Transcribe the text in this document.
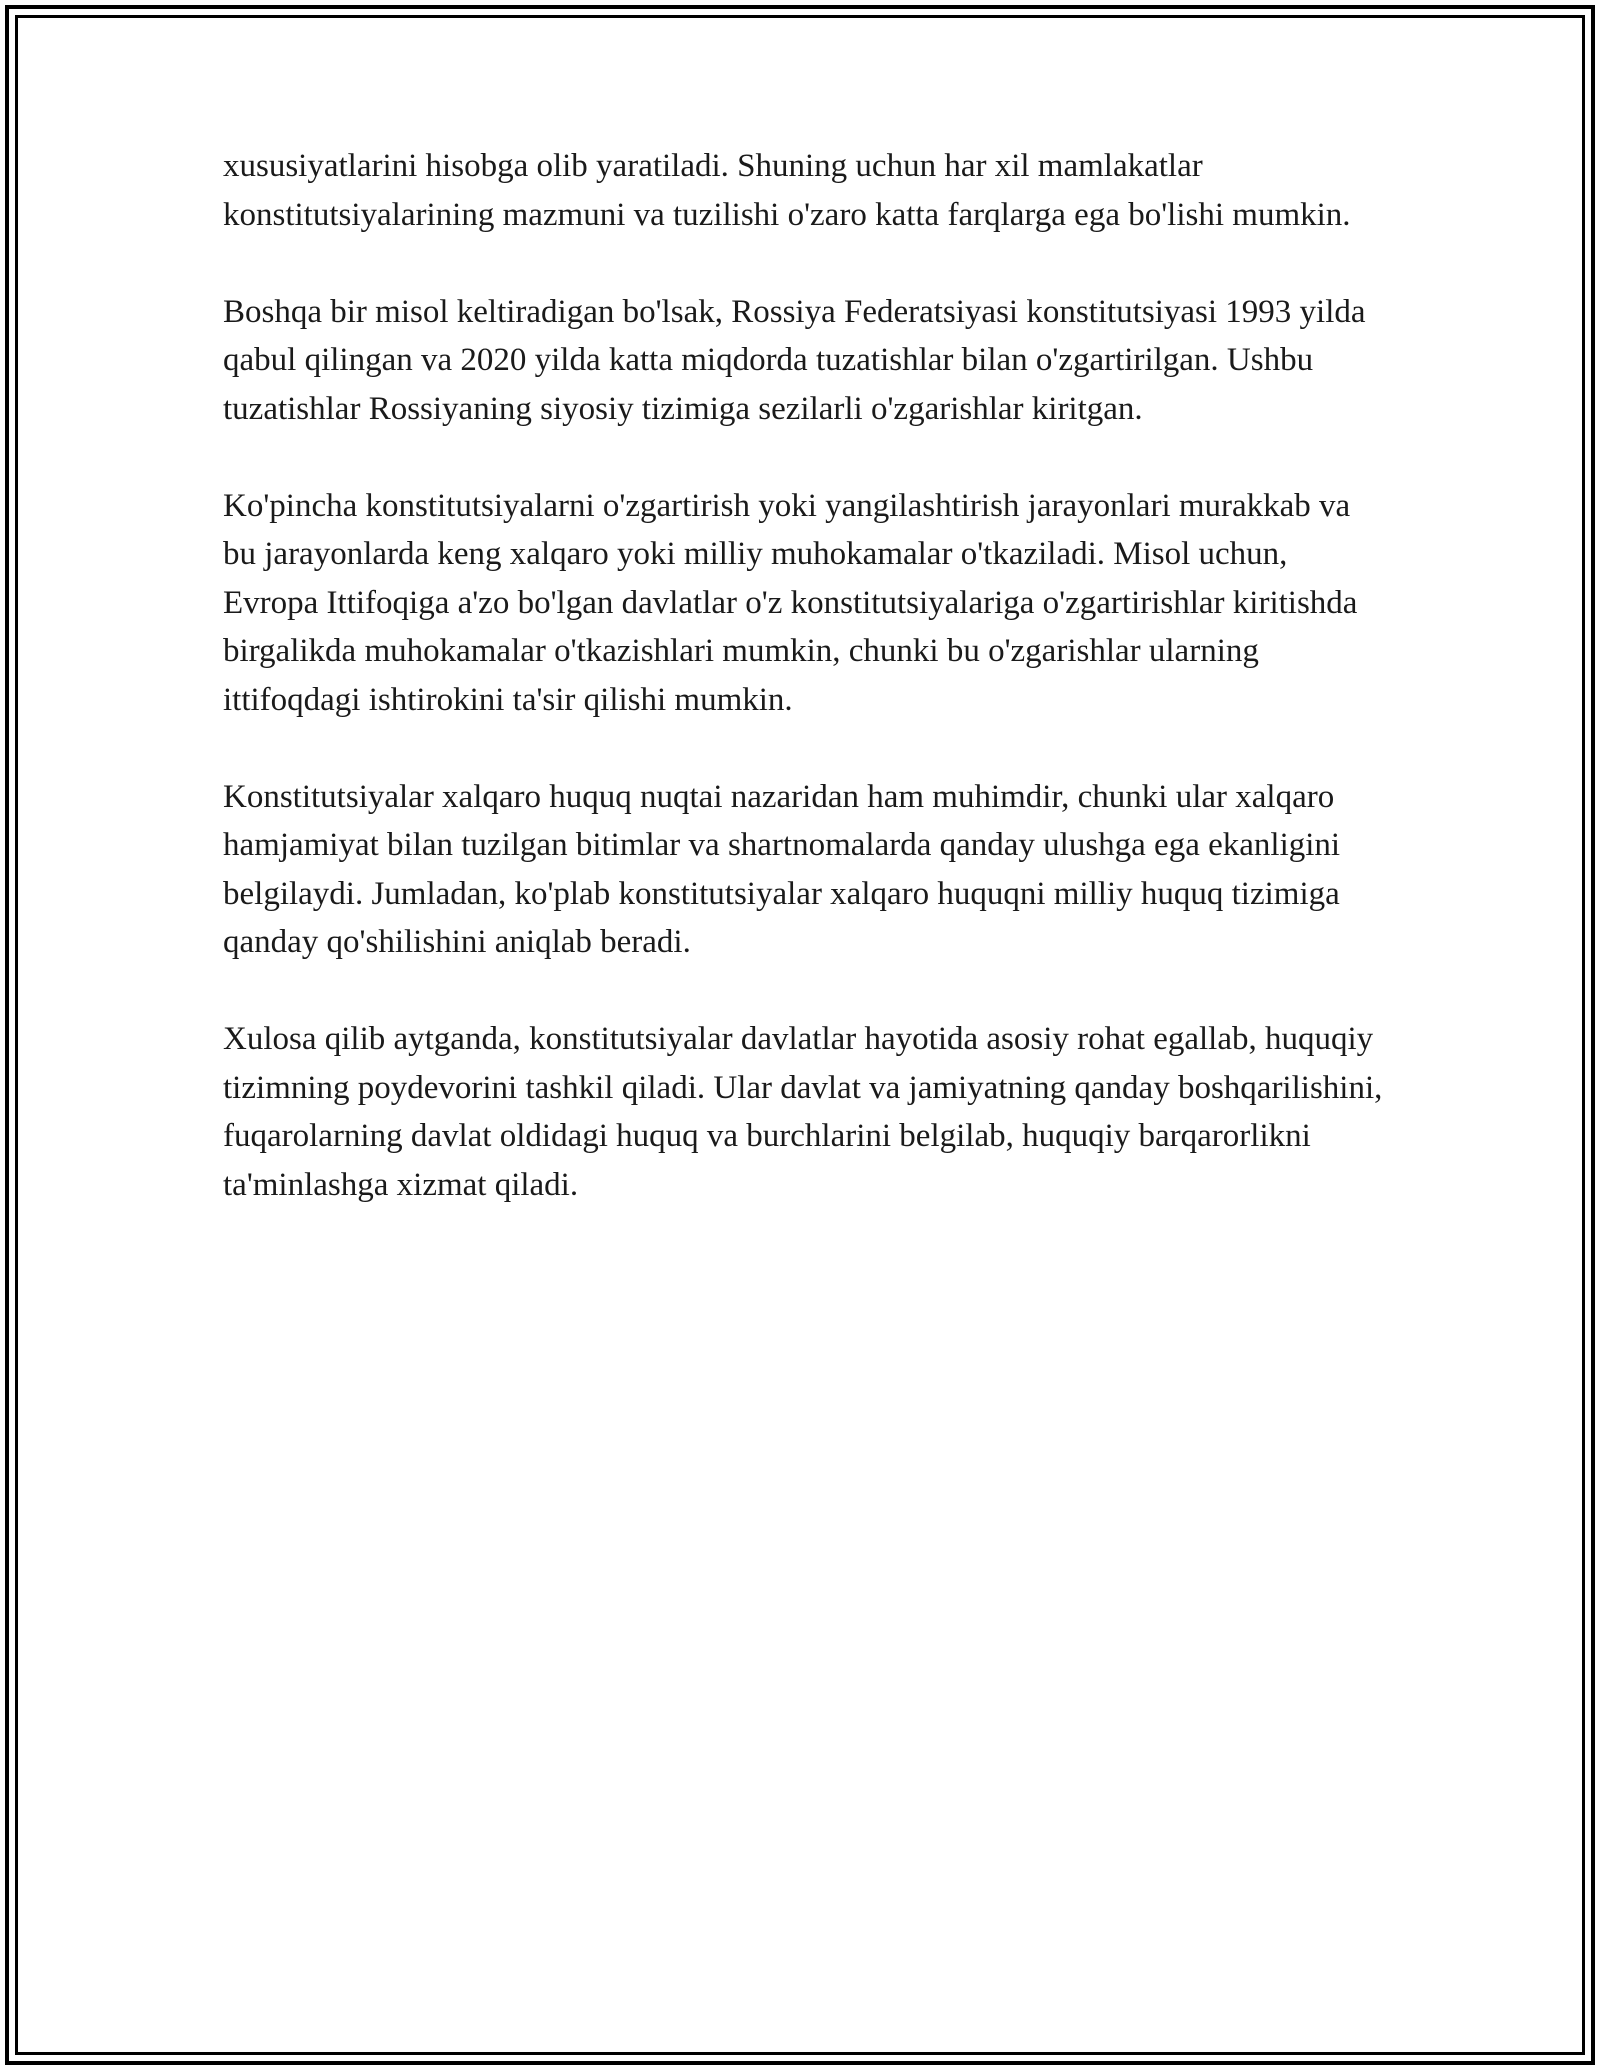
xususiyatlarini hisobga olib yaratiladi. Shuning uchun har xil mamlakatlar konstitutsiyalarining mazmuni va tuzilishi o'zaro katta farqlarga ega bo'lishi mumkin.

Boshqa bir misol keltiradigan bo'lsak, Rossiya Federatsiyasi konstitutsiyasi 1993 yilda qabul qilingan va 2020 yilda katta miqdorda tuzatishlar bilan o'zgartirilgan. Ushbu tuzatishlar Rossiyaning siyosiy tizimiga sezilarli o'zgarishlar kiritgan.

Ko'pincha konstitutsiyalarni o'zgartirish yoki yangilashtirish jarayonlari murakkab va bu jarayonlarda keng xalqaro yoki milliy muhokamalar o'tkaziladi. Misol uchun, Evropa Ittifoqiga a'zo bo'lgan davlatlar o'z konstitutsiyalariga o'zgartirishlar kiritishda birgalikda muhokamalar o'tkazishlari mumkin, chunki bu o'zgarishlar ularning ittifoqdagi ishtirokini ta'sir qilishi mumkin.

Konstitutsiyalar xalqaro huquq nuqtai nazaridan ham muhimdir, chunki ular xalqaro hamjamiyat bilan tuzilgan bitimlar va shartnomalarda qanday ulushga ega ekanligini belgilaydi. Jumladan, ko'plab konstitutsiyalar xalqaro huquqni milliy huquq tizimiga qanday qo'shilishini aniqlab beradi.

Xulosa qilib aytganda, konstitutsiyalar davlatlar hayotida asosiy rohat egallab, huquqiy tizimning poydevorini tashkil qiladi. Ular davlat va jamiyatning qanday boshqarilishini, fuqarolarning davlat oldidagi huquq va burchlarini belgilab, huquqiy barqarorlikni ta'minlashga xizmat qiladi.
